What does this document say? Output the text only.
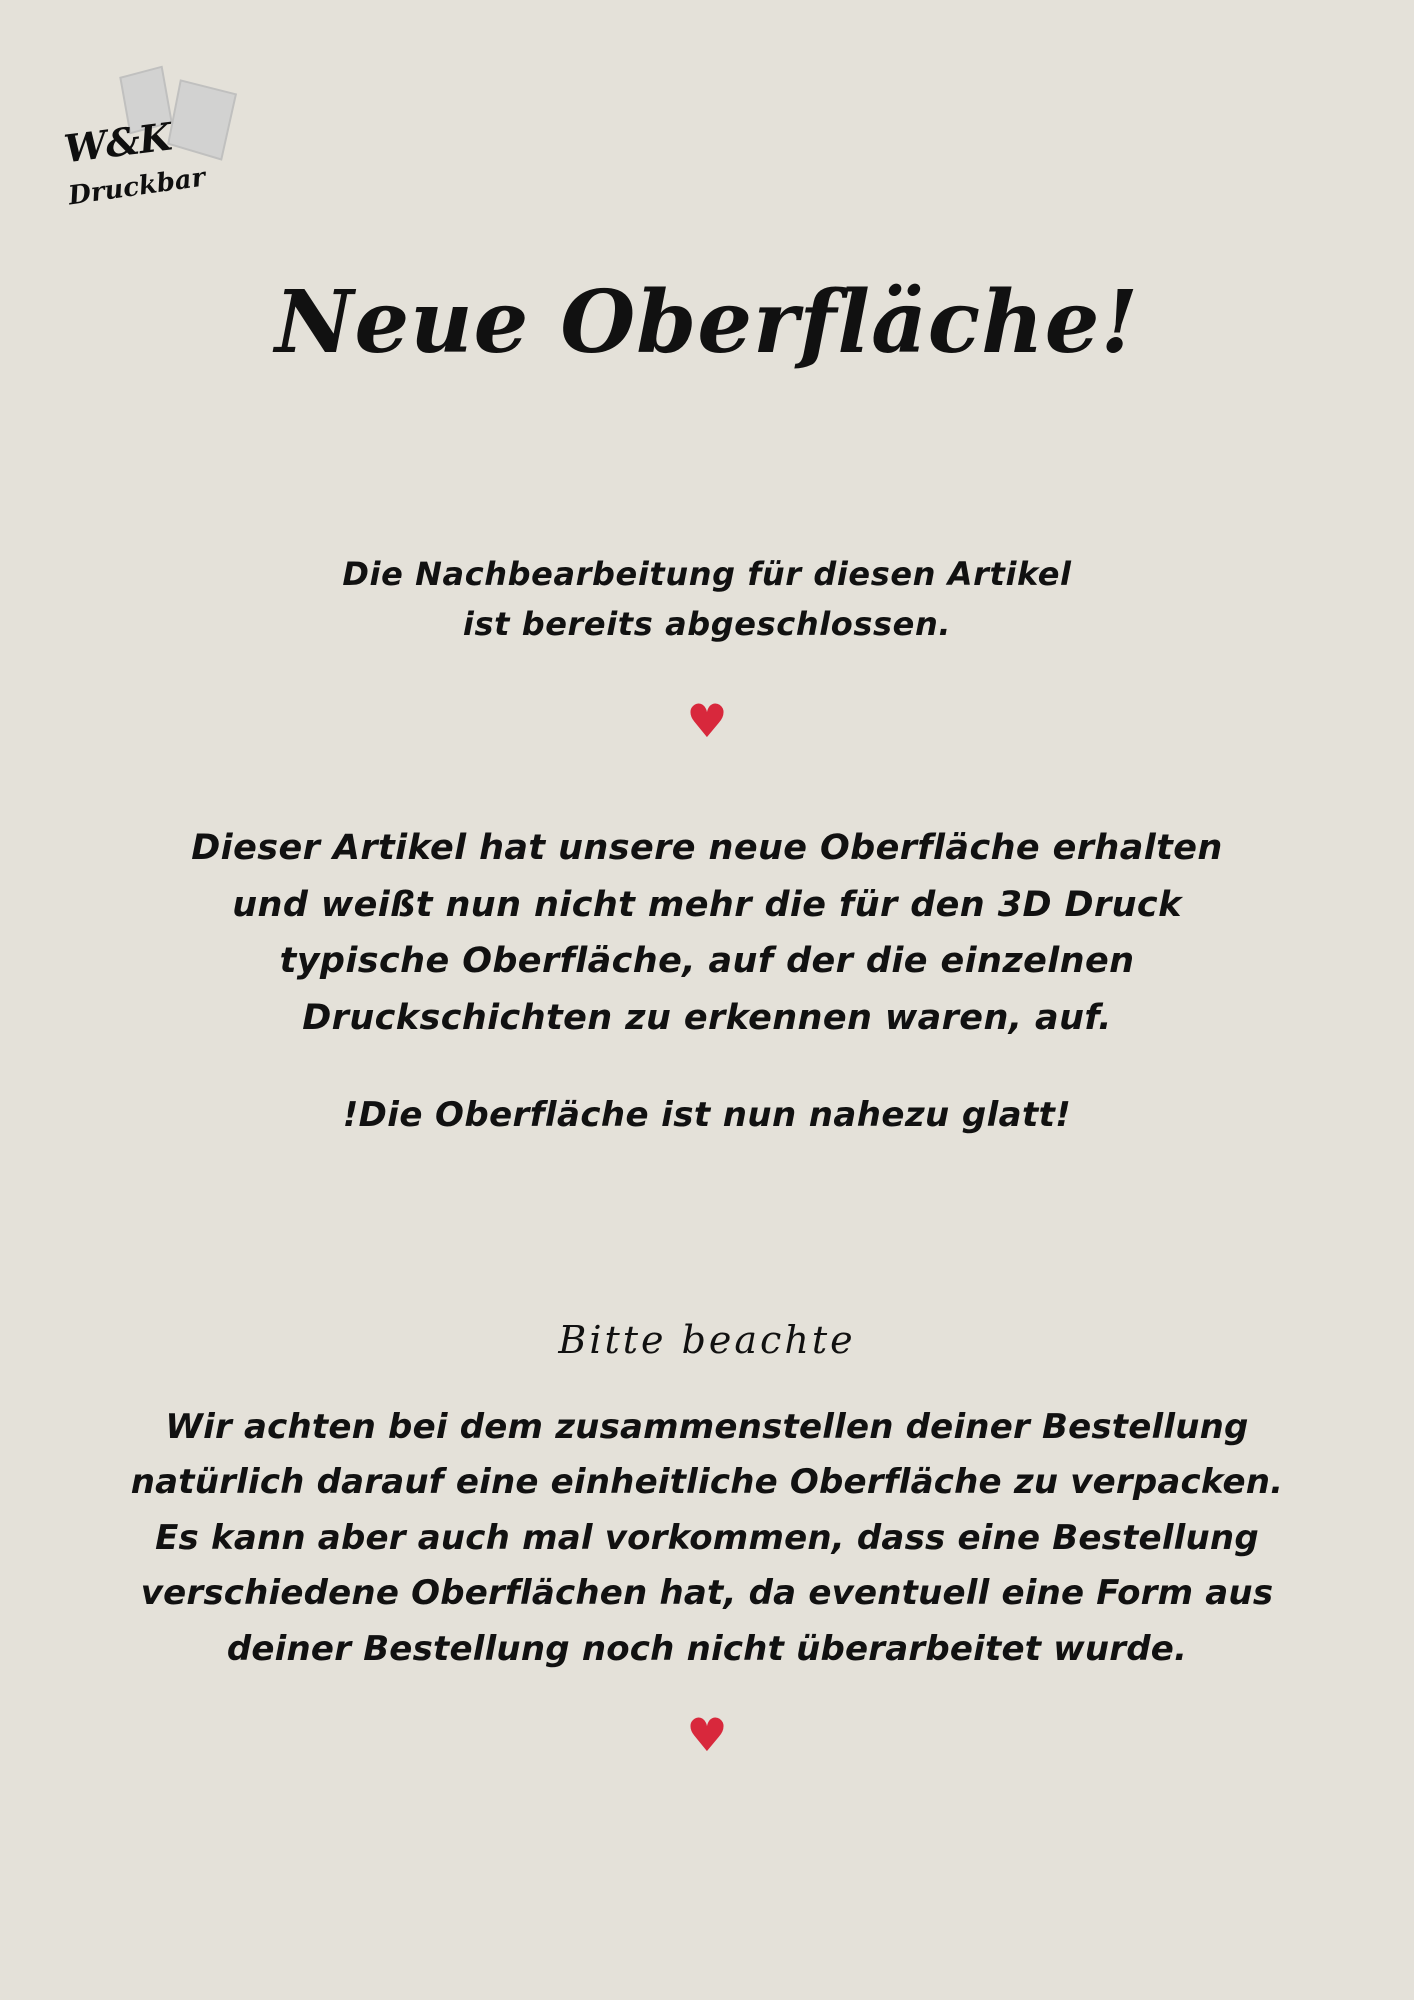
W&K
Druckbar
Neue Oberfläche!
Die Nachbearbeitung für diesen Artikel
ist bereits abgeschlossen.
♥
Dieser Artikel hat unsere neue Oberfläche erhalten
und weißt nun nicht mehr die für den 3D Druck
typische Oberfläche, auf der die einzelnen
Druckschichten zu erkennen waren, auf.
!Die Oberfläche ist nun nahezu glatt!
Bitte beachte
Wir achten bei dem zusammenstellen deiner Bestellung
natürlich darauf eine einheitliche Oberfläche zu verpacken.
Es kann aber auch mal vorkommen, dass eine Bestellung
verschiedene Oberflächen hat, da eventuell eine Form aus
deiner Bestellung noch nicht überarbeitet wurde.
♥
